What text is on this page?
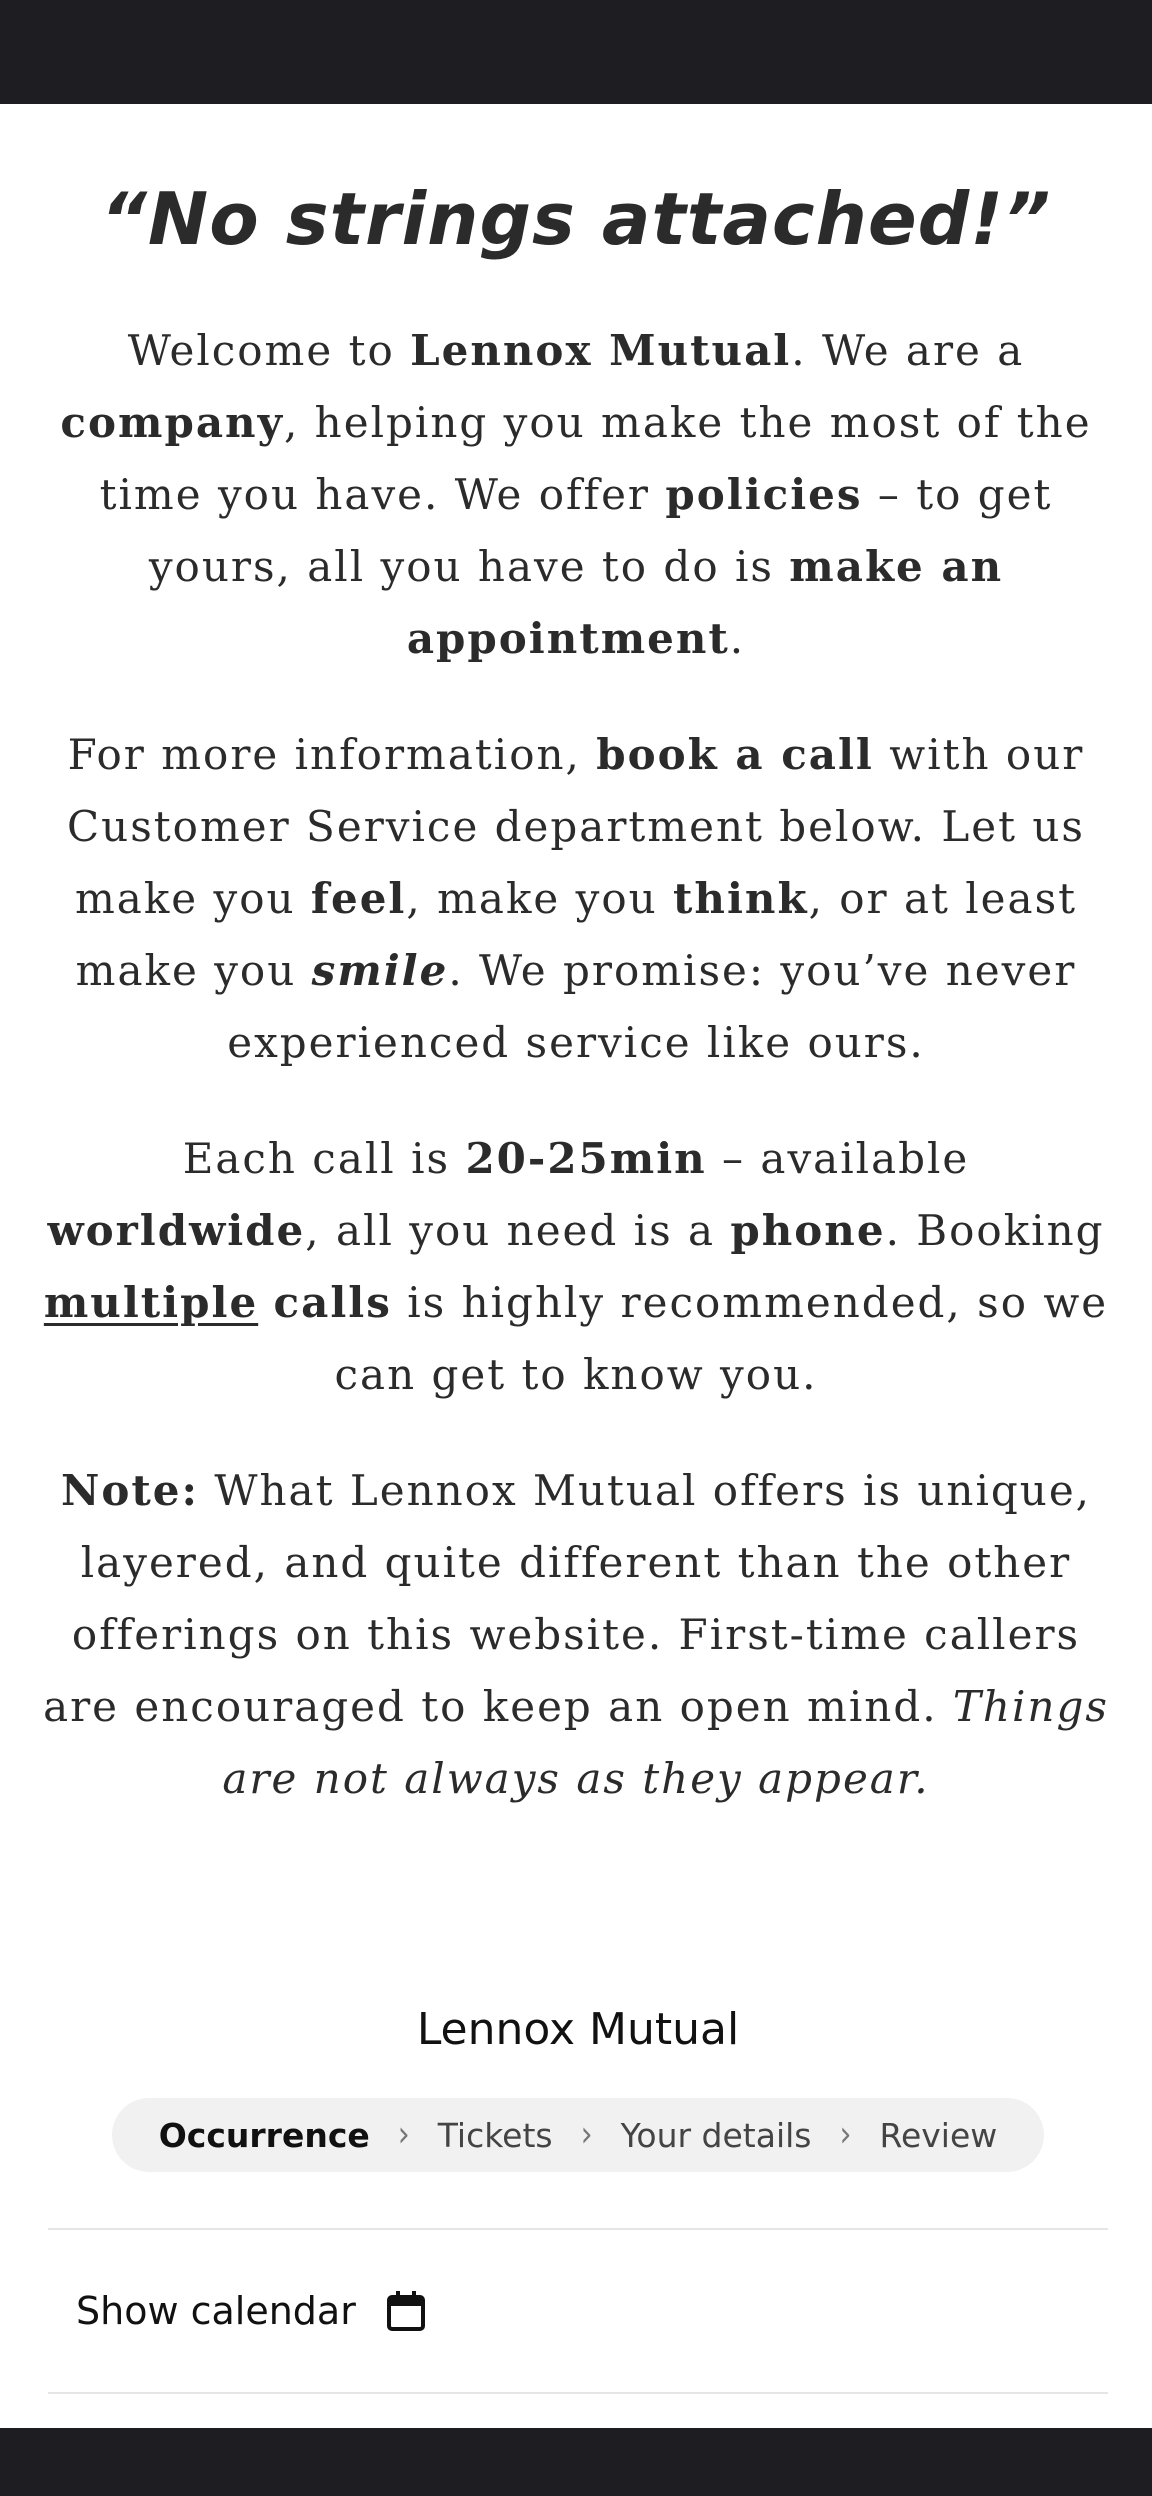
“No strings attached!”

Welcome to Lennox Mutual. We are a company, helping you make the most of the time you have. We offer policies – to get yours, all you have to do is make an appointment.

For more information, book a call with our Customer Service department below. Let us make you feel, make you think, or at least make you smile. We promise: you’ve never experienced service like ours.

Each call is 20-25min – available worldwide, all you need is a phone. Booking multiple calls is highly recommended, so we can get to know you.

Note: What Lennox Mutual offers is unique, layered, and quite different than the other offerings on this website. First-time callers are encouraged to keep an open mind. Things are not always as they appear.

Lennox Mutual
Occurrence › Tickets › Your details › Review
Show calendar
